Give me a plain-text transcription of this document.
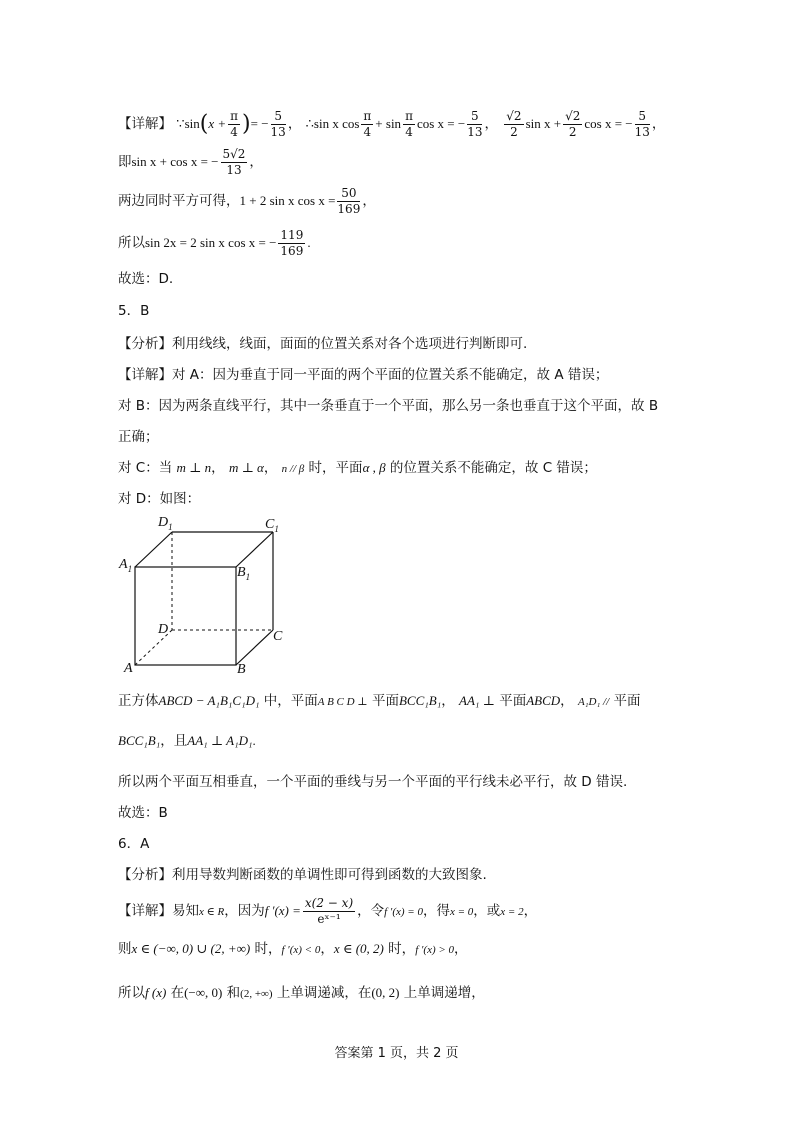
【详解】 ∵sin(x + $\frac{\pi}{4}$ )= − $\frac{5}{13}$ ， ∴sin x $\cos \frac{\pi}{4} + \sin \frac{\pi}{4}$ cos x = − $\frac{5}{13}$ ， $\frac{√2}{2}$ $\sin x + \frac{√2}{2}$ cos x = − $\frac{5}{13}$ ，
即sin x + cos x = − $\frac{5√2}{13}$ ，
两边同时平方可得，1 + 2 sin x $\cos x = \frac{50}{169}$ ，
所以sin 2x = 2 sin x cos x = − $\frac{119}{169}$ .
故选：D.
5．B
【分析】利用线线，线面，面面的位置关系对各个选项进行判断即可.
【详解】对 A：因为垂直于同一平面的两个平面的位置关系不能确定，故 A 错误；
对 B：因为两条直线平行，其中一条垂直于一个平面，那么另一条也垂直于这个平面，故 B
正确；
对 C：当 m ⊥ n， m ⊥ α， n // β 时，平面α , β 的位置关系不能确定，故 C 错误；
对 D：如图：
$D_1$	$C_1$
$A_1$	$B_1$
D	C
A	B
正方体ABCD − A₁B₁C₁D₁ 中，平面A B C D ⊥ 平面BCC₁B₁， AA₁ ⊥ 平面ABCD， A₁D₁ // 平面
BCC₁B₁，且AA₁ ⊥ A₁D₁.
所以两个平面互相垂直，一个平面的垂线与另一个平面的平行线未必平行，故 D 错误.
故选：B
6．A
【分析】利用导数判断函数的单调性即可得到函数的大致图象.
【详解】易知x ∈ R，因为f $'(x) = \frac{x(2 - x)}{\text{eˣ⁻¹}}$ ，令f ′(x) = 0，得x = 0，或x = 2，
则x ∈ (−∞, 0) ∪ (2, +∞) 时，f ′(x) < 0，x ∈ (0, 2) 时，f ′(x) > 0，
所以f (x) 在(−∞, 0) 和(2, +∞) 上单调递减，在(0, 2) 上单调递增，
答案第 1 页，共 2 页
